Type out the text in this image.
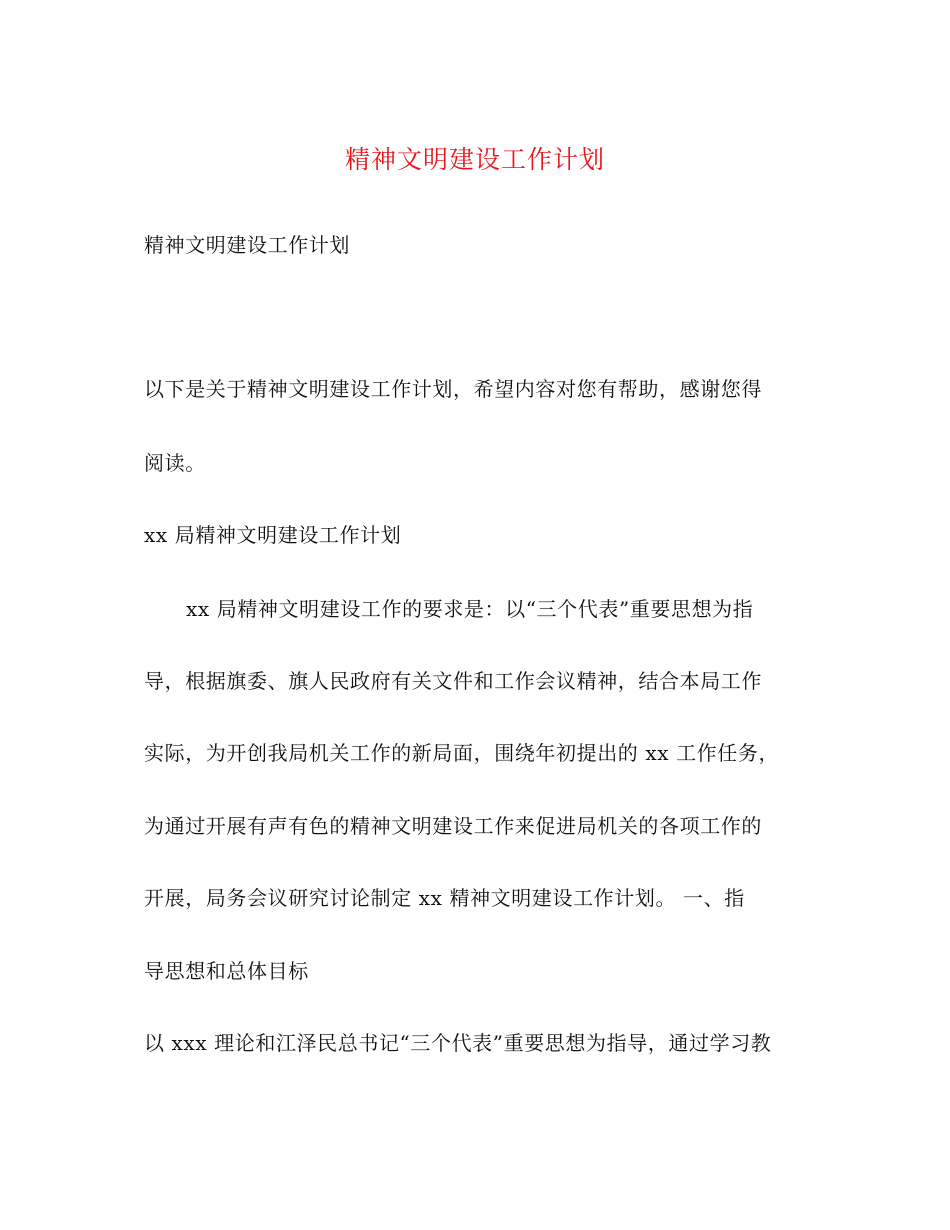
精神文明建设工作计划
精神文明建设工作计划
以下是关于精神文明建设工作计划，希望内容对您有帮助，感谢您得
阅读。
xx 局精神文明建设工作计划
xx 局精神文明建设工作的要求是：以“三个代表”重要思想为指
导，根据旗委、旗人民政府有关文件和工作会议精神，结合本局工作
实际，为开创我局机关工作的新局面，围绕年初提出的 xx 工作任务，
为通过开展有声有色的精神文明建设工作来促进局机关的各项工作的
开展，局务会议研究讨论制定 xx 精神文明建设工作计划。 一、指
导思想和总体目标
以 xxx 理论和江泽民总书记“三个代表”重要思想为指导，通过学习教
